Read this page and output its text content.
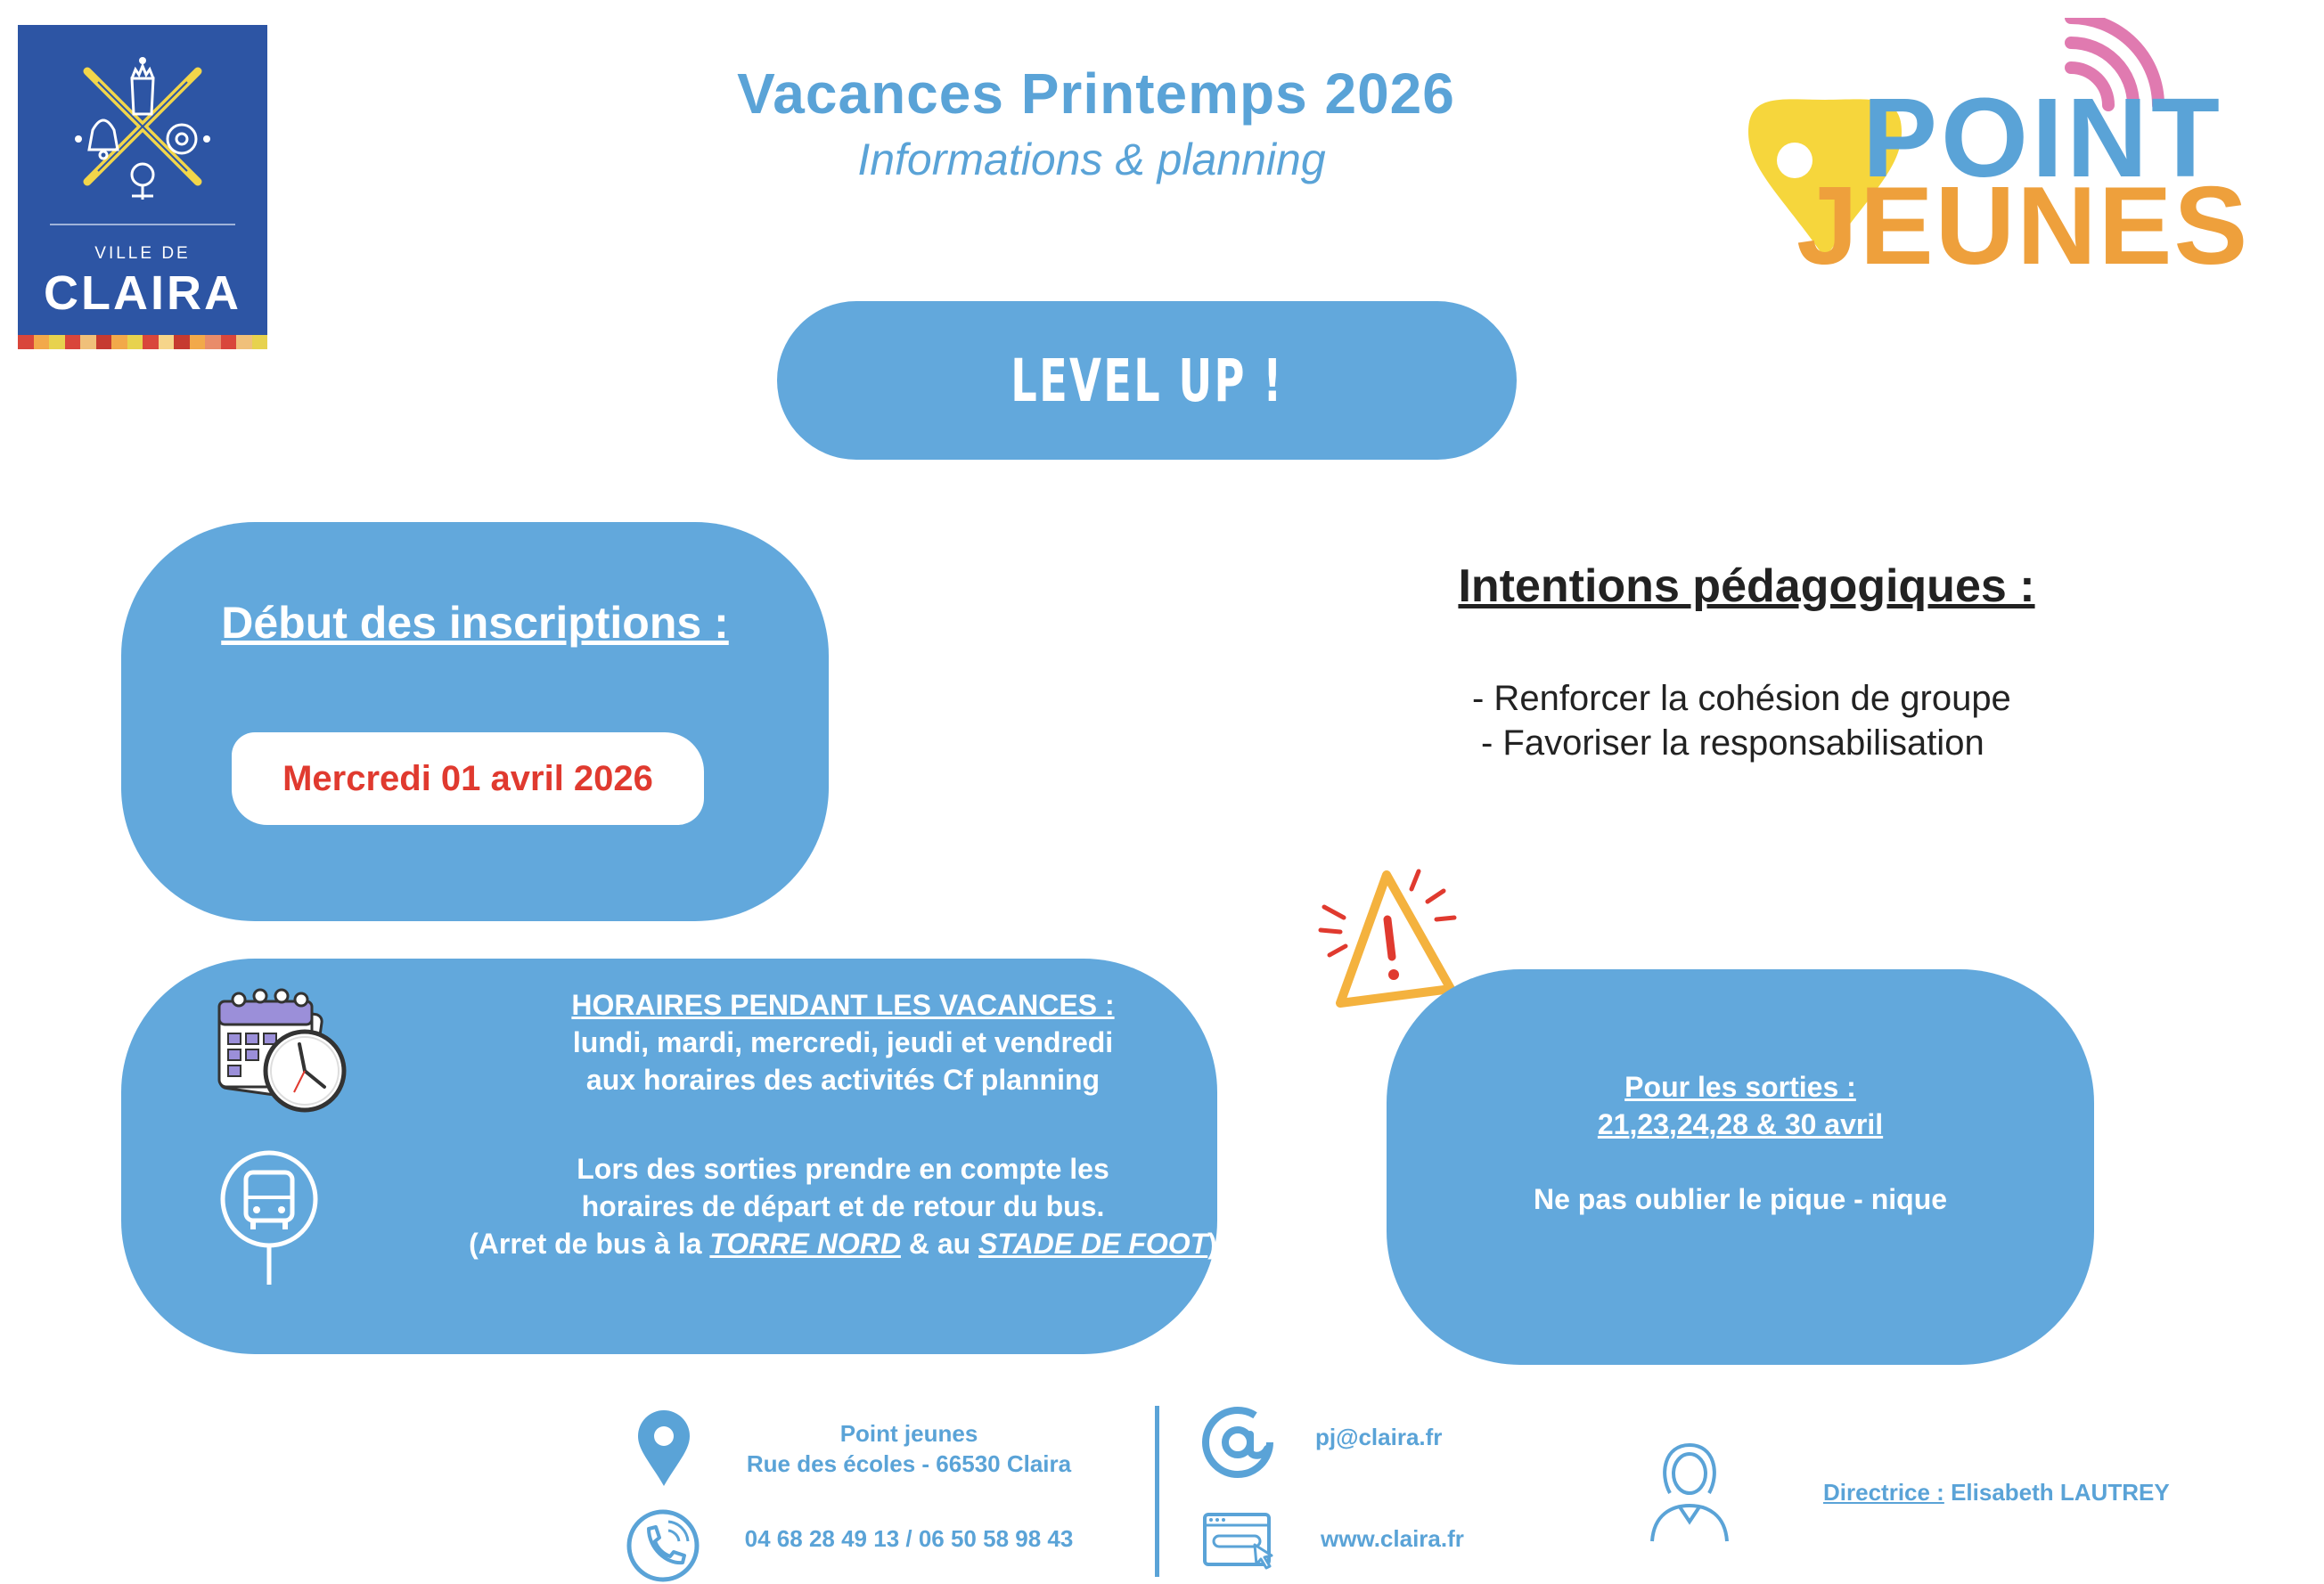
VILLE DE
CLAIRA
Vacances Printemps 2026
Informations & planning	POINT
JEUNES
LEVEL UP !
Début des inscriptions :
Mercredi 01 avril 2026
Intentions pédagogiques :
- Renforcer la cohésion de groupe
- Favoriser la responsabilisation
HORAIRES PENDANT LES VACANCES :
lundi, mardi, mercredi, jeudi et vendredi
aux horaires des activités Cf planning
Lors des sorties prendre en compte les
horaires de départ et de retour du bus.
(Arret de bus à la TORRE NORD & au STADE DE FOOT)
Pour les sorties :
21,23,24,28 & 30 avril
Ne pas oublier le pique - nique
Point jeunes
Rue des écoles - 66530 Claira
04 68 28 49 13 / 06 50 58 98 43
pj@claira.fr
www.claira.fr
Directrice : Elisabeth LAUTREY
